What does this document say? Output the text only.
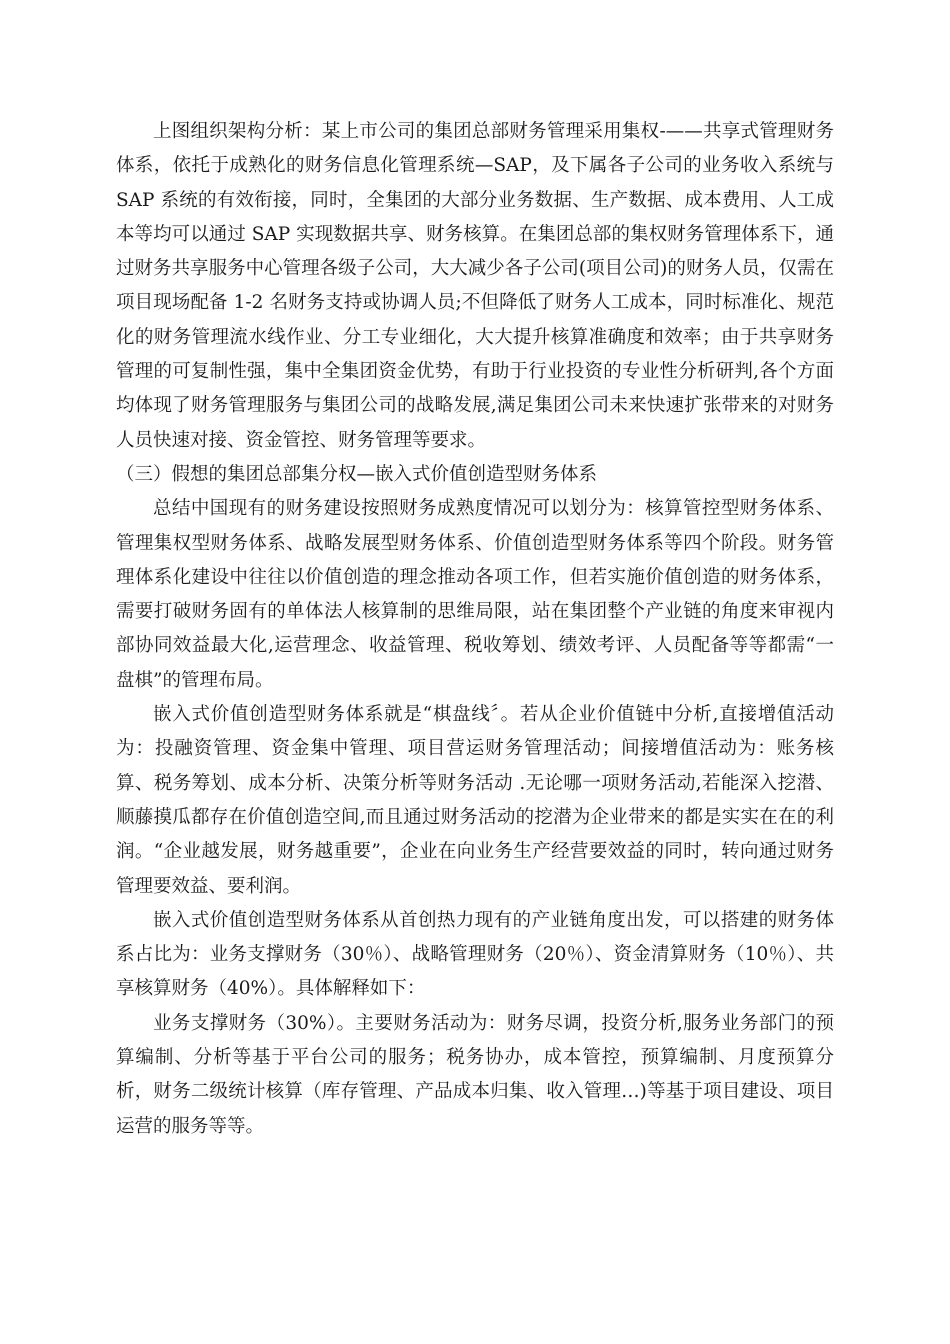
上图组织架构分析：某上市公司的集团总部财务管理采用集权-——共享式管理财务体系，依托于成熟化的财务信息化管理系统—SAP，及下属各子公司的业务收入系统与 SAP 系统的有效衔接，同时，全集团的大部分业务数据、生产数据、成本费用、人工成本等均可以通过 SAP 实现数据共享、财务核算。在集团总部的集权财务管理体系下，通过财务共享服务中心管理各级子公司，大大减少各子公司(项目公司)的财务人员，仅需在项目现场配备 1-2 名财务支持或协调人员;不但降低了财务人工成本，同时标准化、规范化的财务管理流水线作业、分工专业细化，大大提升核算准确度和效率；由于共享财务管理的可复制性强，集中全集团资金优势，有助于行业投资的专业性分析研判,各个方面均体现了财务管理服务与集团公司的战略发展,满足集团公司未来快速扩张带来的对财务人员快速对接、资金管控、财务管理等要求。

（三）假想的集团总部集分权—嵌入式价值创造型财务体系

总结中国现有的财务建设按照财务成熟度情况可以划分为：核算管控型财务体系、管理集权型财务体系、战略发展型财务体系、价值创造型财务体系等四个阶段。财务管理体系化建设中往往以价值创造的理念推动各项工作，但若实施价值创造的财务体系，需要打破财务固有的单体法人核算制的思维局限，站在集团整个产业链的角度来审视内部协同效益最大化,运营理念、收益管理、税收筹划、绩效考评、人员配备等等都需“一盘棋”的管理布局。

嵌入式价值创造型财务体系就是“棋盘线〞。若从企业价值链中分析,直接增值活动为：投融资管理、资金集中管理、项目营运财务管理活动；间接增值活动为：账务核算、税务筹划、成本分析、决策分析等财务活动 .无论哪一项财务活动,若能深入挖潜、顺藤摸瓜都存在价值创造空间,而且通过财务活动的挖潜为企业带来的都是实实在在的利润。“企业越发展，财务越重要”，企业在向业务生产经营要效益的同时，转向通过财务管理要效益、要利润。

嵌入式价值创造型财务体系从首创热力现有的产业链角度出发，可以搭建的财务体系占比为：业务支撑财务（30％）、战略管理财务（20％）、资金清算财务（10％）、共享核算财务（40%）。具体解释如下：

业务支撑财务（30%）。主要财务活动为：财务尽调，投资分析,服务业务部门的预算编制、分析等基于平台公司的服务；税务协办，成本管控，预算编制、月度预算分析，财务二级统计核算（库存管理、产品成本归集、收入管理…)等基于项目建设、项目运营的服务等等。
